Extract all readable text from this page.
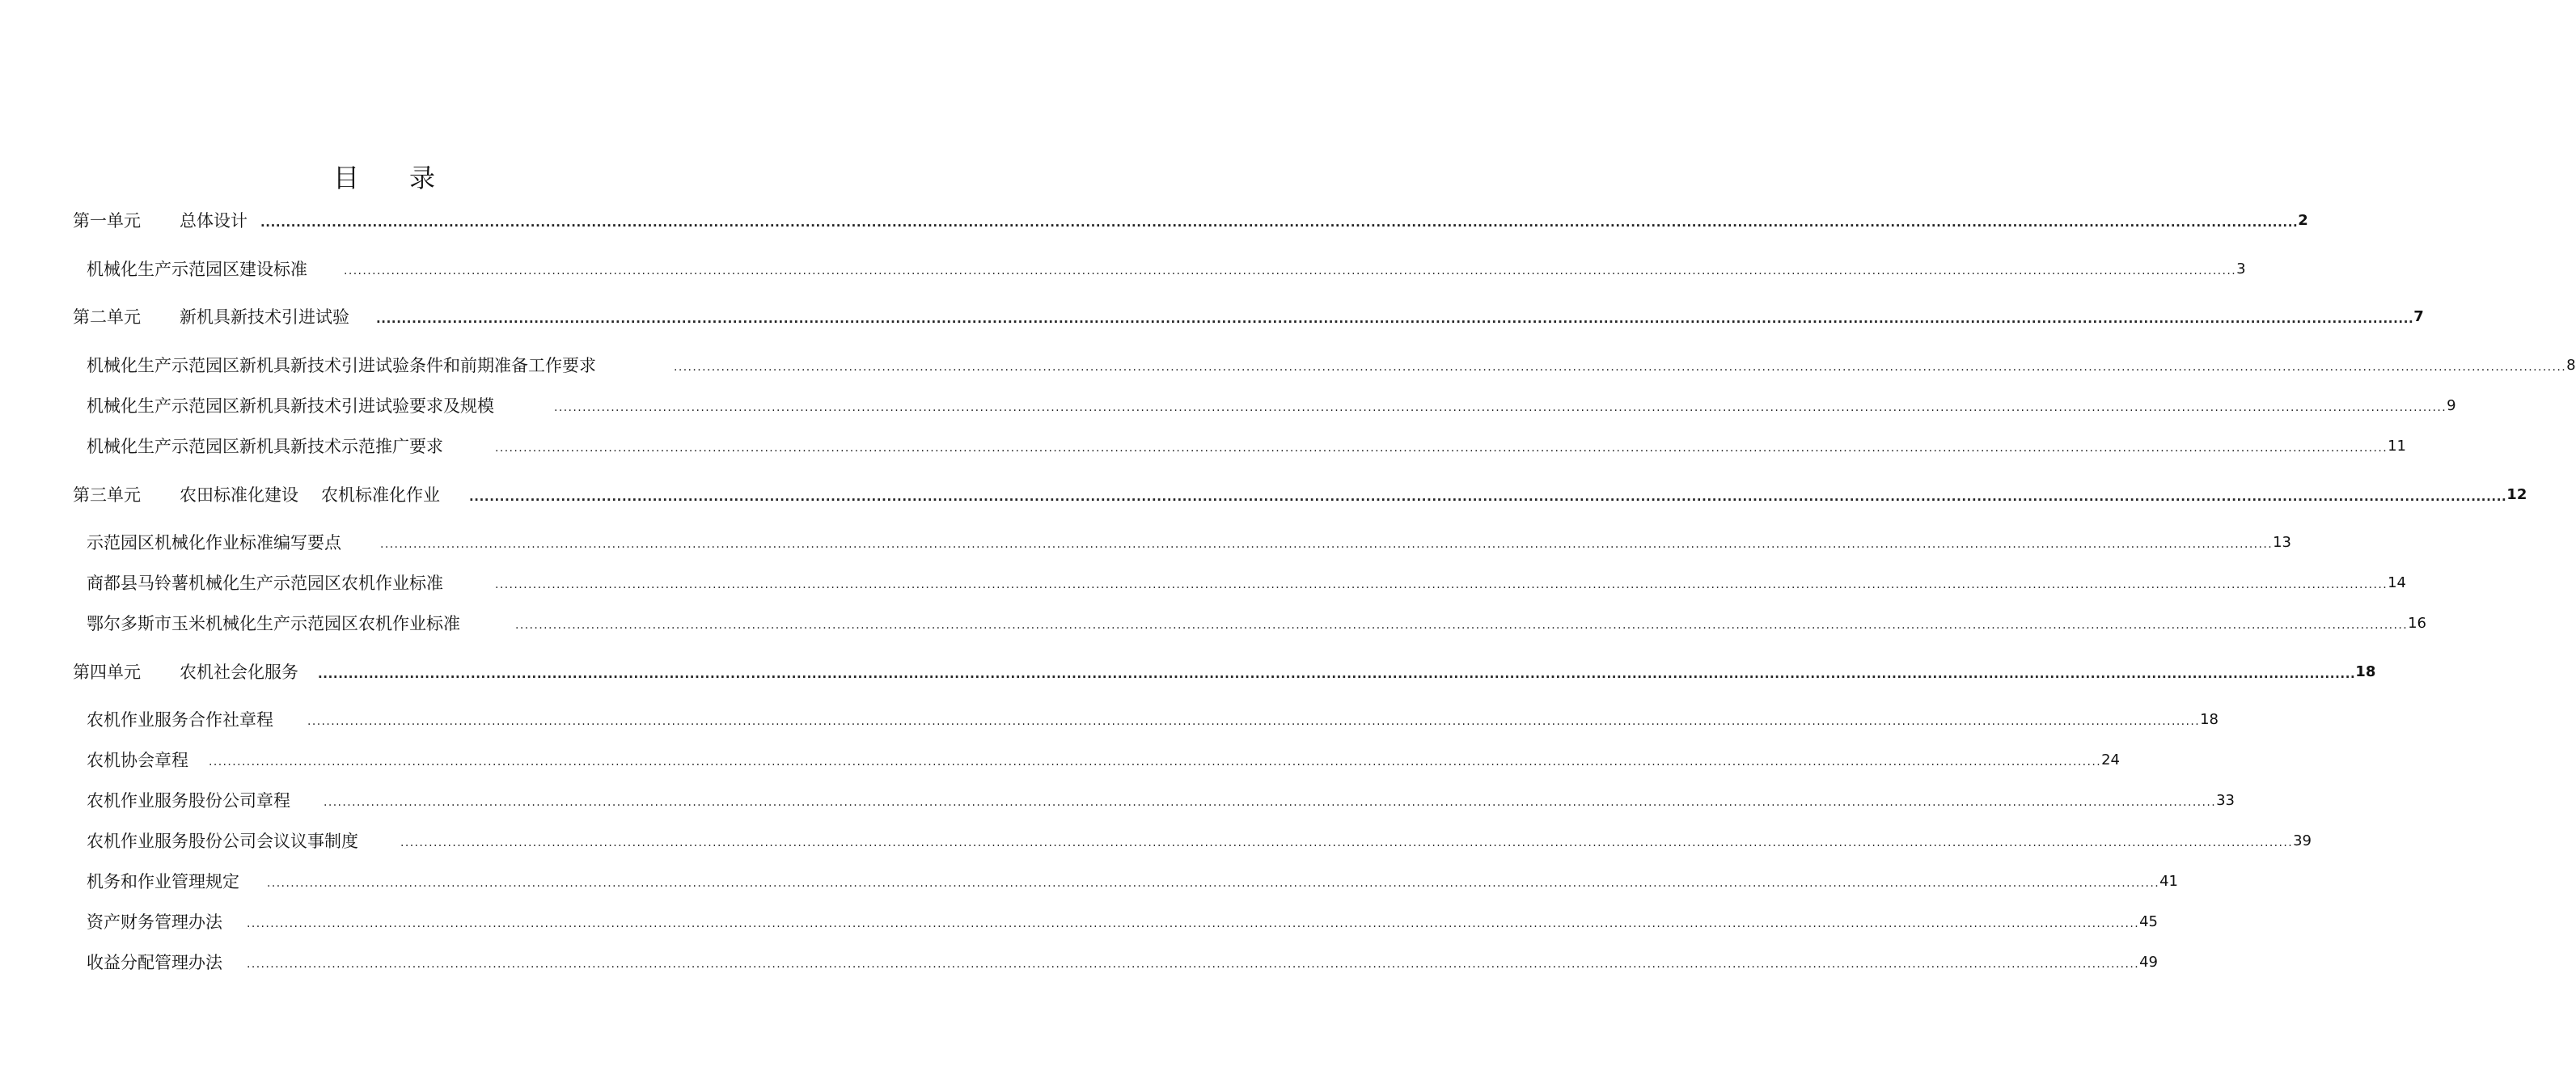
目 录
第一单元 总体设计	................................................................................................................................................................................................................................................................................................................................................................................................................ 2
机械化生产示范园区建设标准	................................................................................................................................................................................................................................................................................................................................................................................................................ 3
第二单元 新机具新技术引进试验	................................................................................................................................................................................................................................................................................................................................................................................................................ 7
机械化生产示范园区新机具新技术引进试验条件和前期准备工作要求	................................................................................................................................................................................................................................................................................................................................................................................................................ 8
机械化生产示范园区新机具新技术引进试验要求及规模	................................................................................................................................................................................................................................................................................................................................................................................................................ 9
机械化生产示范园区新机具新技术示范推广要求	................................................................................................................................................................................................................................................................................................................................................................................................................ 11
第三单元 农田标准化建设 农机标准化作业	................................................................................................................................................................................................................................................................................................................................................................................................................ 12
示范园区机械化作业标准编写要点	................................................................................................................................................................................................................................................................................................................................................................................................................ 13
商都县马铃薯机械化生产示范园区农机作业标准	................................................................................................................................................................................................................................................................................................................................................................................................................ 14
鄂尔多斯市玉米机械化生产示范园区农机作业标准	................................................................................................................................................................................................................................................................................................................................................................................................................ 16
第四单元 农机社会化服务	................................................................................................................................................................................................................................................................................................................................................................................................................ 18
农机作业服务合作社章程	................................................................................................................................................................................................................................................................................................................................................................................................................ 18
农机协会章程	................................................................................................................................................................................................................................................................................................................................................................................................................ 24
农机作业服务股份公司章程	................................................................................................................................................................................................................................................................................................................................................................................................................ 33
农机作业服务股份公司会议议事制度	................................................................................................................................................................................................................................................................................................................................................................................................................ 39
机务和作业管理规定	................................................................................................................................................................................................................................................................................................................................................................................................................ 41
资产财务管理办法	................................................................................................................................................................................................................................................................................................................................................................................................................ 45
收益分配管理办法	................................................................................................................................................................................................................................................................................................................................................................................................................ 49
